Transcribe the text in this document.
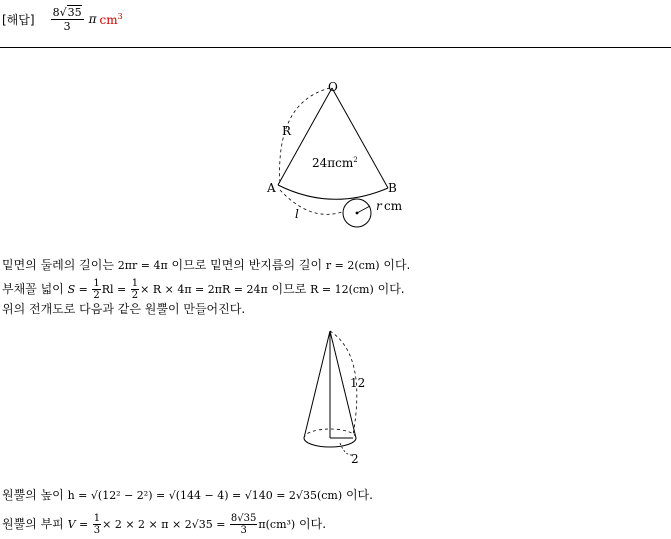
[해답] $\frac{8√35}{3}$ π $cm^3$
O
R
24πcm$^2$
A	B
l
r cm
밑면의 둘레의 길이는 2πr = 4π 이므로 밑면의 반지름의 길이 r = 2(cm) 이다.
부채꼴 넓이 $S = \frac{1}{2}$ $Rl = \frac{1}{2} \times R \times 4\pi = 2\pi R = 24\pi$ 이므로 R = 12(cm) 이다.
위의 전개도로 다음과 같은 원뿔이 만들어진다.
12
2
원뿔의 높이 h = √(12² − 2²) = √(144 − 4) = √140 = 2√35(cm) 이다.
원뿔의 부피 $V = \frac{1}{3} \times 2 \times 2 \times \pi \times 2√35 = \frac{8√35}{3} \pi(cm^3)$ 이다.
